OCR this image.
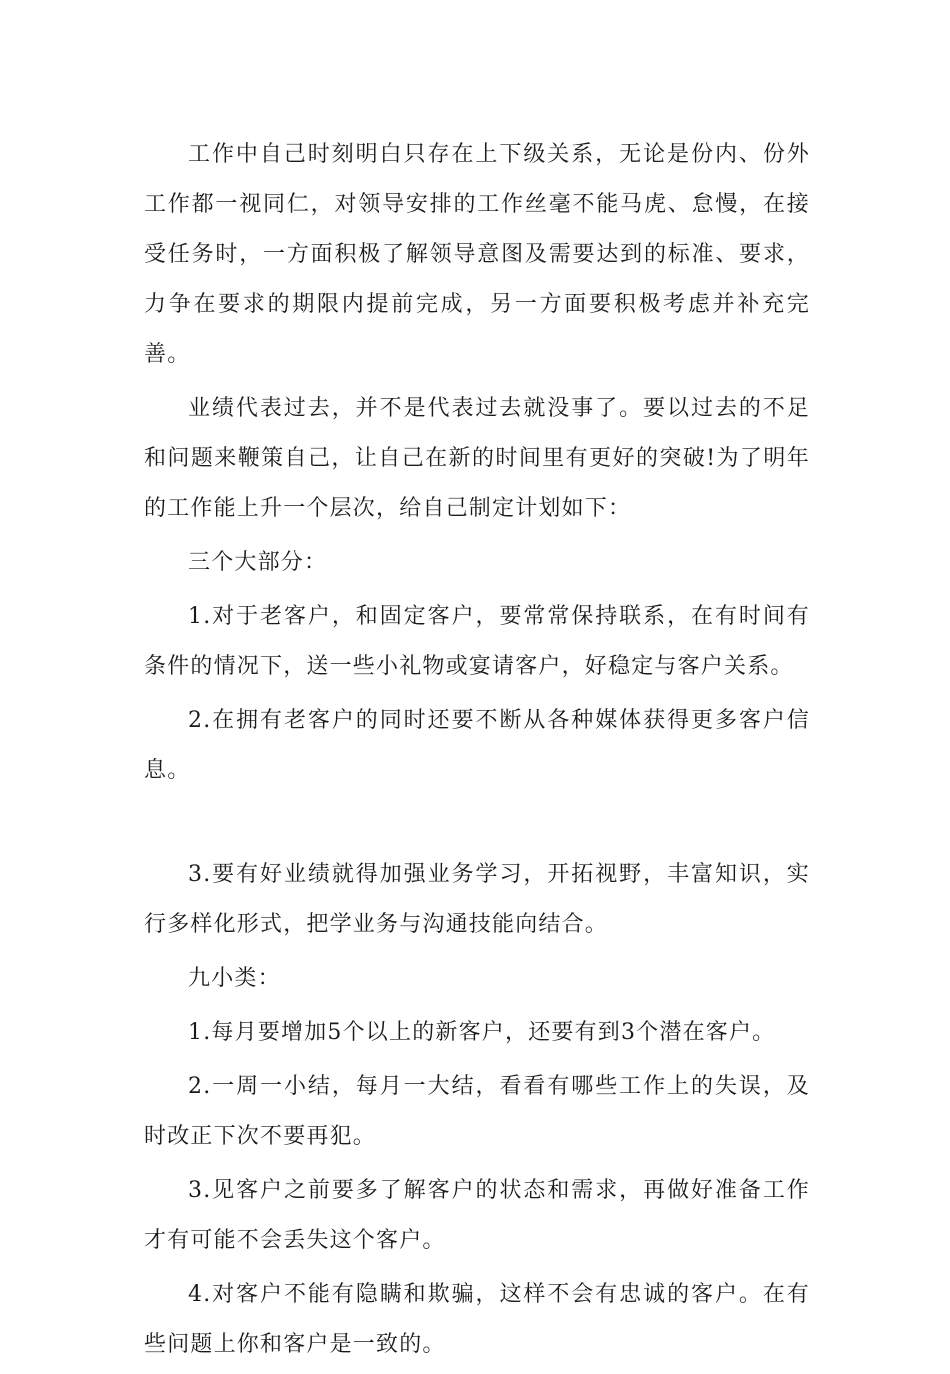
工作中自己时刻明白只存在上下级关系，无论是份内、份外工作都一视同仁，对领导安排的工作丝毫不能马虎、怠慢，在接受任务时，一方面积极了解领导意图及需要达到的标准、要求，力争在要求的期限内提前完成，另一方面要积极考虑并补充完善。

业绩代表过去，并不是代表过去就没事了。要以过去的不足和问题来鞭策自己，让自己在新的时间里有更好的突破!为了明年的工作能上升一个层次，给自己制定计划如下：

三个大部分：

1.对于老客户，和固定客户，要常常保持联系，在有时间有条件的情况下，送一些小礼物或宴请客户，好稳定与客户关系。

2.在拥有老客户的同时还要不断从各种媒体获得更多客户信息。

3.要有好业绩就得加强业务学习，开拓视野，丰富知识，实行多样化形式，把学业务与沟通技能向结合。

九小类：

1.每月要增加5个以上的新客户，还要有到3个潜在客户。

2.一周一小结，每月一大结，看看有哪些工作上的失误，及时改正下次不要再犯。

3.见客户之前要多了解客户的状态和需求，再做好准备工作才有可能不会丢失这个客户。

4.对客户不能有隐瞒和欺骗，这样不会有忠诚的客户。在有些问题上你和客户是一致的。
